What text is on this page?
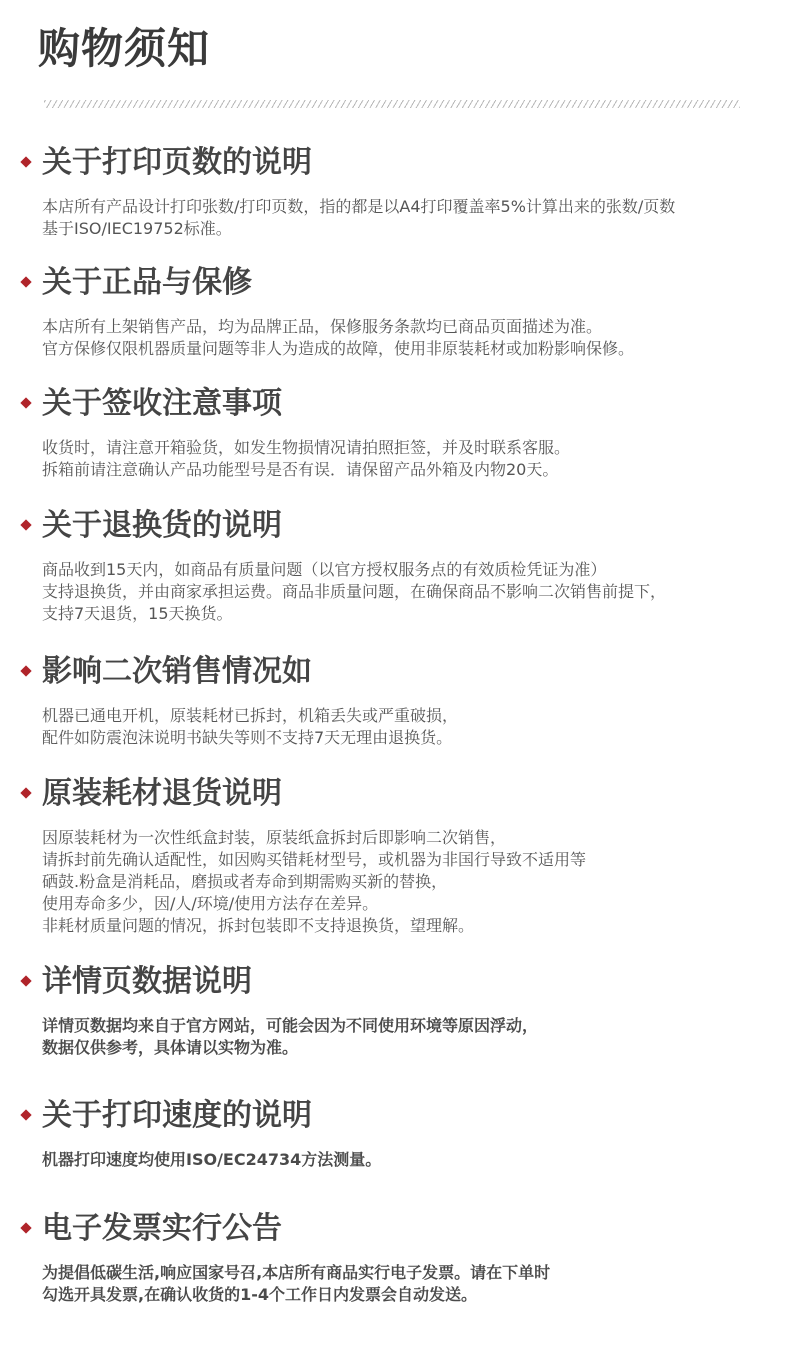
购物须知
关于打印页数的说明
本店所有产品设计打印张数/打印页数，指的都是以A4打印覆盖率5%计算出来的张数/页数
基于ISO/IEC19752标准。
关于正品与保修
本店所有上架销售产品，均为品牌正品，保修服务条款均已商品页面描述为准。
官方保修仅限机器质量问题等非人为造成的故障，使用非原装耗材或加粉影响保修。
关于签收注意事项
收货时，请注意开箱验货，如发生物损情况请拍照拒签，并及时联系客服。
拆箱前请注意确认产品功能型号是否有误．请保留产品外箱及内物20天。
关于退换货的说明
商品收到15天内，如商品有质量问题（以官方授权服务点的有效质检凭证为准）
支持退换货，并由商家承担运费。商品非质量问题，在确保商品不影响二次销售前提下，
支持7天退货，15天换货。
影响二次销售情况如
机器已通电开机，原装耗材已拆封，机箱丢失或严重破损，
配件如防震泡沫说明书缺失等则不支持7天无理由退换货。
原装耗材退货说明
因原装耗材为一次性纸盒封装，原装纸盒拆封后即影响二次销售，
请拆封前先确认适配性，如因购买错耗材型号，或机器为非国行导致不适用等
硒鼓.粉盒是消耗品，磨损或者寿命到期需购买新的替换，
使用寿命多少，因/人/环境/使用方法存在差异。
非耗材质量问题的情况，拆封包装即不支持退换货，望理解。
详情页数据说明
详情页数据均来自于官方网站，可能会因为不同使用环境等原因浮动，
数据仅供参考，具体请以实物为准。
关于打印速度的说明
机器打印速度均使用ISO/EC24734方法测量。
电子发票实行公告
为提倡低碳生活,响应国家号召,本店所有商品实行电子发票。请在下单时
勾选开具发票,在确认收货的1-4个工作日内发票会自动发送。
